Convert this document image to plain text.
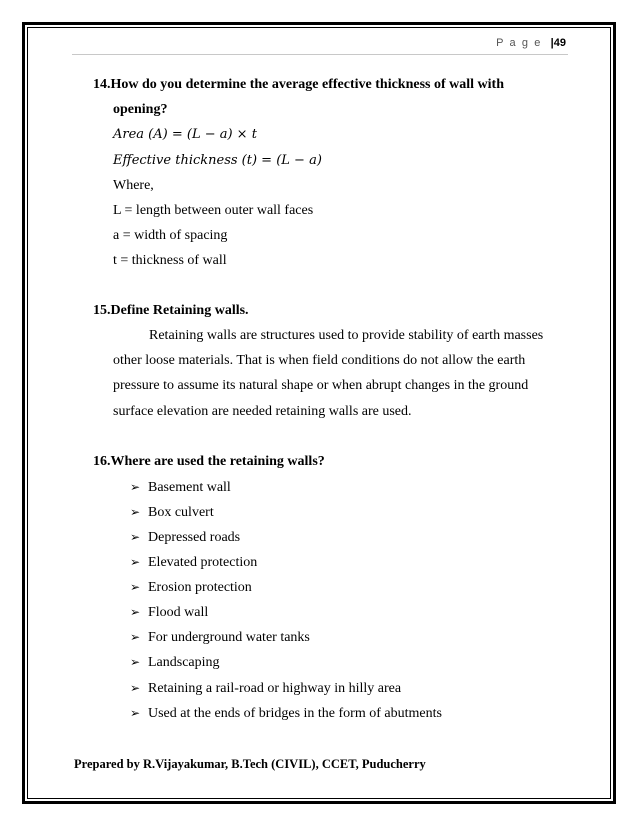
P a g e |49
14.How do you determine the average effective thickness of wall with
opening?
Area (A) = (L − a) × t
Effective thickness (t) = (L − a)
Where,
L = length between outer wall faces
a = width of spacing
t = thickness of wall
15.Define Retaining walls.
Retaining walls are structures used to provide stability of earth masses
other loose materials. That is when field conditions do not allow the earth
pressure to assume its natural shape or when abrupt changes in the ground
surface elevation are needed retaining walls are used.
16.Where are used the retaining walls?
➢ Basement wall
➢ Box culvert
➢ Depressed roads
➢ Elevated protection
➢ Erosion protection
➢ Flood wall
➢ For underground water tanks
➢ Landscaping
➢ Retaining a rail-road or highway in hilly area
➢ Used at the ends of bridges in the form of abutments
Prepared by R.Vijayakumar, B.Tech (CIVIL), CCET, Puducherry
